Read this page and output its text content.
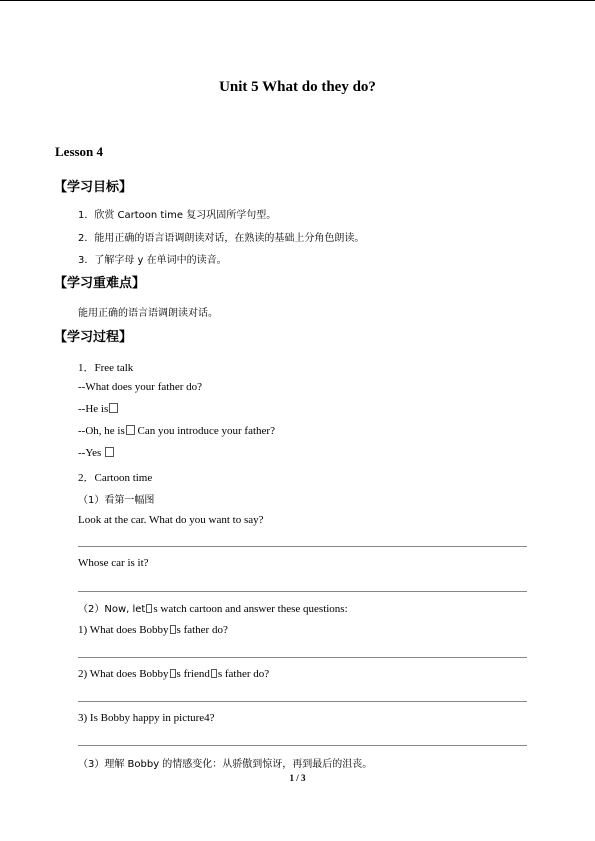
Unit 5 What do they do?
Lesson 4
【学习目标】
1．欣赏 Cartoon time 复习巩固所学句型。
2．能用正确的语言语调朗读对话，在熟读的基础上分角色朗读。
3．了解字母 y 在单词中的读音。
【学习重难点】
能用正确的语言语调朗读对话。
【学习过程】
1．Free talk
--What does your father do?
--He is
--Oh, he is Can you introduce your father?
--Yes
2．Cartoon time
（1）看第一幅图
Look at the car. What do you want to say?
Whose car is it?
（2）Now, let s watch cartoon and answer these questions:
1) What does Bobby s father do?
2) What does Bobby s friend s father do?
3) Is Bobby happy in picture4?
（3）理解 Bobby 的情感变化：从骄傲到惊讶，再到最后的沮丧。
1 / 3
